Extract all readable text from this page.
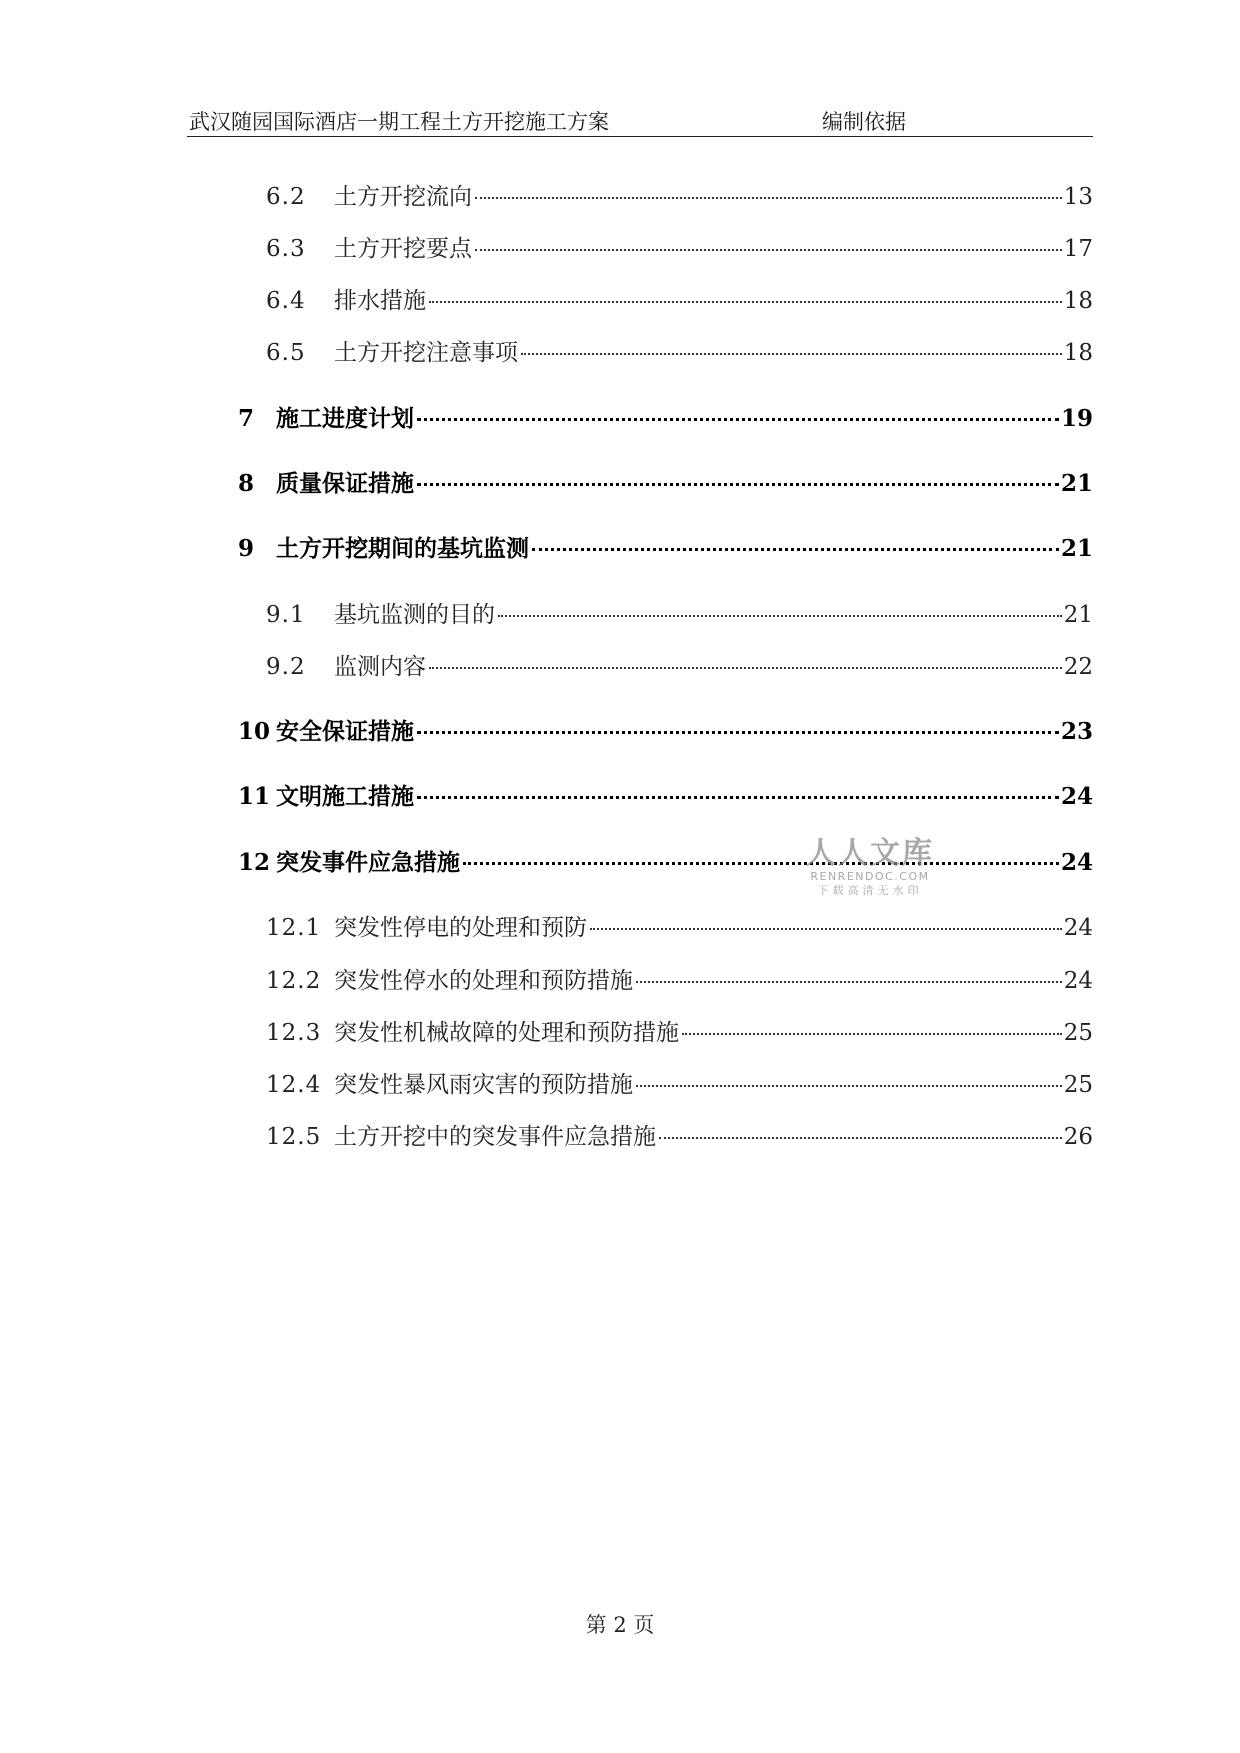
武汉随园国际酒店一期工程土方开挖施工方案	编制依据
6.2	土方开挖流向	13
6.3	土方开挖要点	17
6.4	排水措施	18
6.5	土方开挖注意事项	18
7 施工进度计划	19
8 质量保证措施	21
9 土方开挖期间的基坑监测	21
9.1	基坑监测的目的	21
9.2	监测内容	22
10 安全保证措施	23
11 文明施工措施	24
12 突发事件应急措施	24
12.1 突发性停电的处理和预防	24
12.2 突发性停水的处理和预防措施	24
12.3 突发性机械故障的处理和预防措施	25
12.4 突发性暴风雨灾害的预防措施	25
12.5 土方开挖中的突发事件应急措施	26
人人文库
RENRENDOC.COM
下载高清无水印
第 2 页
